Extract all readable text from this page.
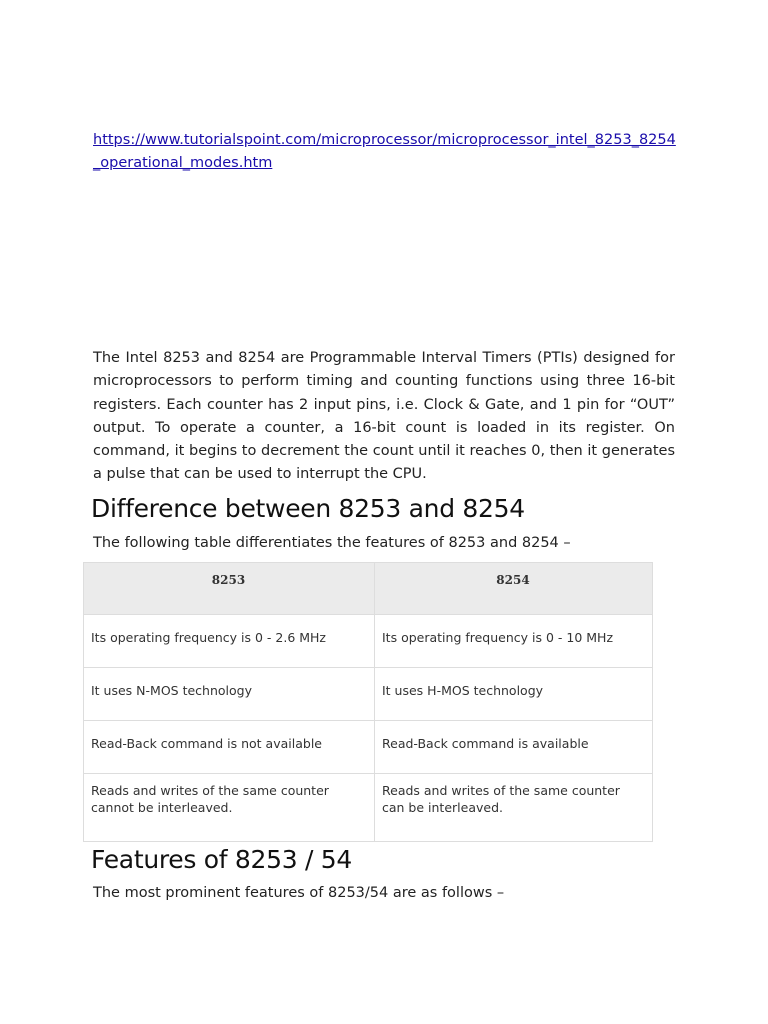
https://www.tutorialspoint.com/microprocessor/microprocessor_intel_8253_8254_operational_modes.htm

The Intel 8253 and 8254 are Programmable Interval Timers (PTIs) designed for microprocessors to perform timing and counting functions using three 16-bit registers. Each counter has 2 input pins, i.e. Clock & Gate, and 1 pin for “OUT” output. To operate a counter, a 16-bit count is loaded in its register. On command, it begins to decrement the count until it reaches 0, then it generates a pulse that can be used to interrupt the CPU.

Difference between 8253 and 8254
The following table differentiates the features of 8253 and 8254 –
8253	8254
Its operating frequency is 0 - 2.6 MHz	Its operating frequency is 0 - 10 MHz
It uses N-MOS technology	It uses H-MOS technology
Read-Back command is not available	Read-Back command is available
Reads and writes of the same counter cannot be interleaved.	Reads and writes of the same counter can be interleaved.
Features of 8253 / 54
The most prominent features of 8253/54 are as follows –
